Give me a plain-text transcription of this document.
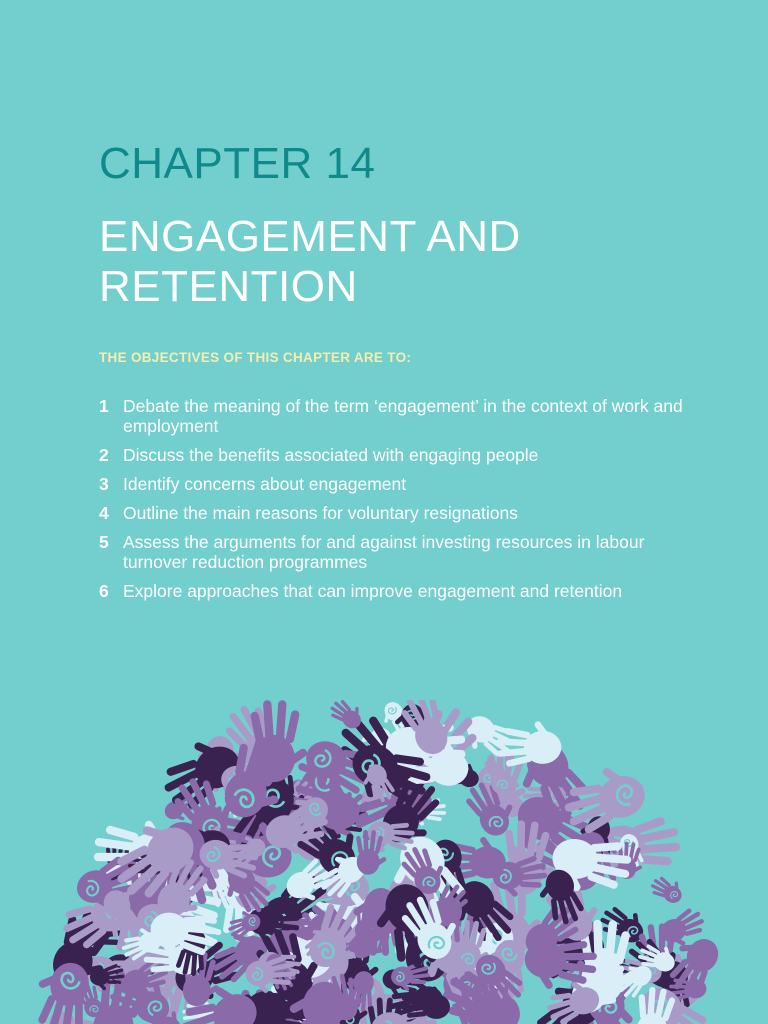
CHAPTER 14
ENGAGEMENT AND RETENTION
THE OBJECTIVES OF THIS CHAPTER ARE TO:
1 Debate the meaning of the term ‘engagement’ in the context of work and employment
2 Discuss the benefits associated with engaging people
3 Identify concerns about engagement
4 Outline the main reasons for voluntary resignations
5 Assess the arguments for and against investing resources in labour turnover reduction programmes
6 Explore approaches that can improve engagement and retention
